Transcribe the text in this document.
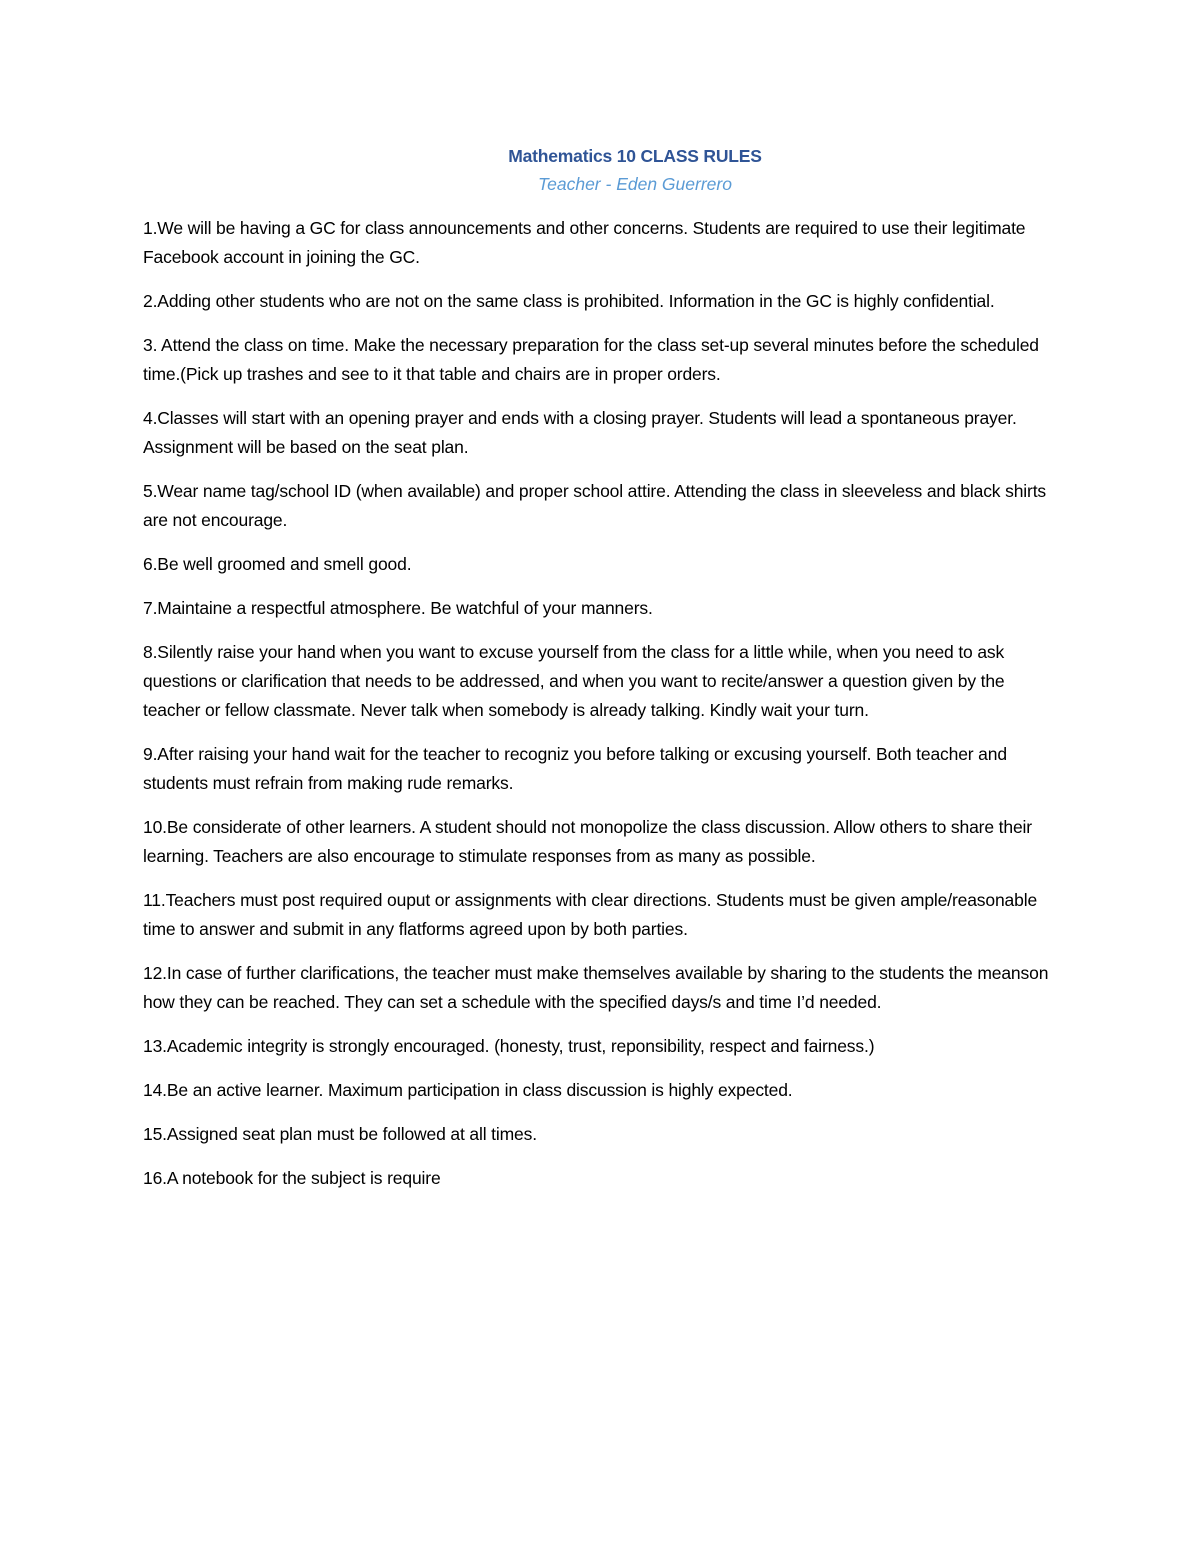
Mathematics 10 CLASS RULES

Teacher - Eden Guerrero

1.We will be having a GC for class announcements and other concerns. Students are required to use their legitimate Facebook account in joining the GC.
2.Adding other students who are not on the same class is prohibited. Information in the GC is highly confidential.
3. Attend the class on time. Make the necessary preparation for the class set-up several minutes before the scheduled time.(Pick up trashes and see to it that table and chairs are in proper orders.
4.Classes will start with an opening prayer and ends with a closing prayer. Students will lead a spontaneous prayer. Assignment will be based on the seat plan.
5.Wear name tag/school ID (when available) and proper school attire. Attending the class in sleeveless and black shirts are not encourage.
6.Be well groomed and smell good.
7.Maintaine a respectful atmosphere. Be watchful of your manners.
8.Silently raise your hand when you want to excuse yourself from the class for a little while, when you need to ask questions or clarification that needs to be addressed, and when you want to recite/answer a question given by the teacher or fellow classmate. Never talk when somebody is already talking. Kindly wait your turn.
9.After raising your hand wait for the teacher to recogniz you before talking or excusing yourself. Both teacher and students must refrain from making rude remarks.
10.Be considerate of other learners. A student should not monopolize the class discussion. Allow others to share their learning. Teachers are also encourage to stimulate responses from as many as possible.
11.Teachers must post required ouput or assignments with clear directions. Students must be given ample/reasonable time to answer and submit in any flatforms agreed upon by both parties.
12.In case of further clarifications, the teacher must make themselves available by sharing to the students the meanson how they can be reached. They can set a schedule with the specified days/s and time I’d needed.
13.Academic integrity is strongly encouraged. (honesty, trust, reponsibility, respect and fairness.)
14.Be an active learner. Maximum participation in class discussion is highly expected.
15.Assigned seat plan must be followed at all times.
16.A notebook for the subject is require
